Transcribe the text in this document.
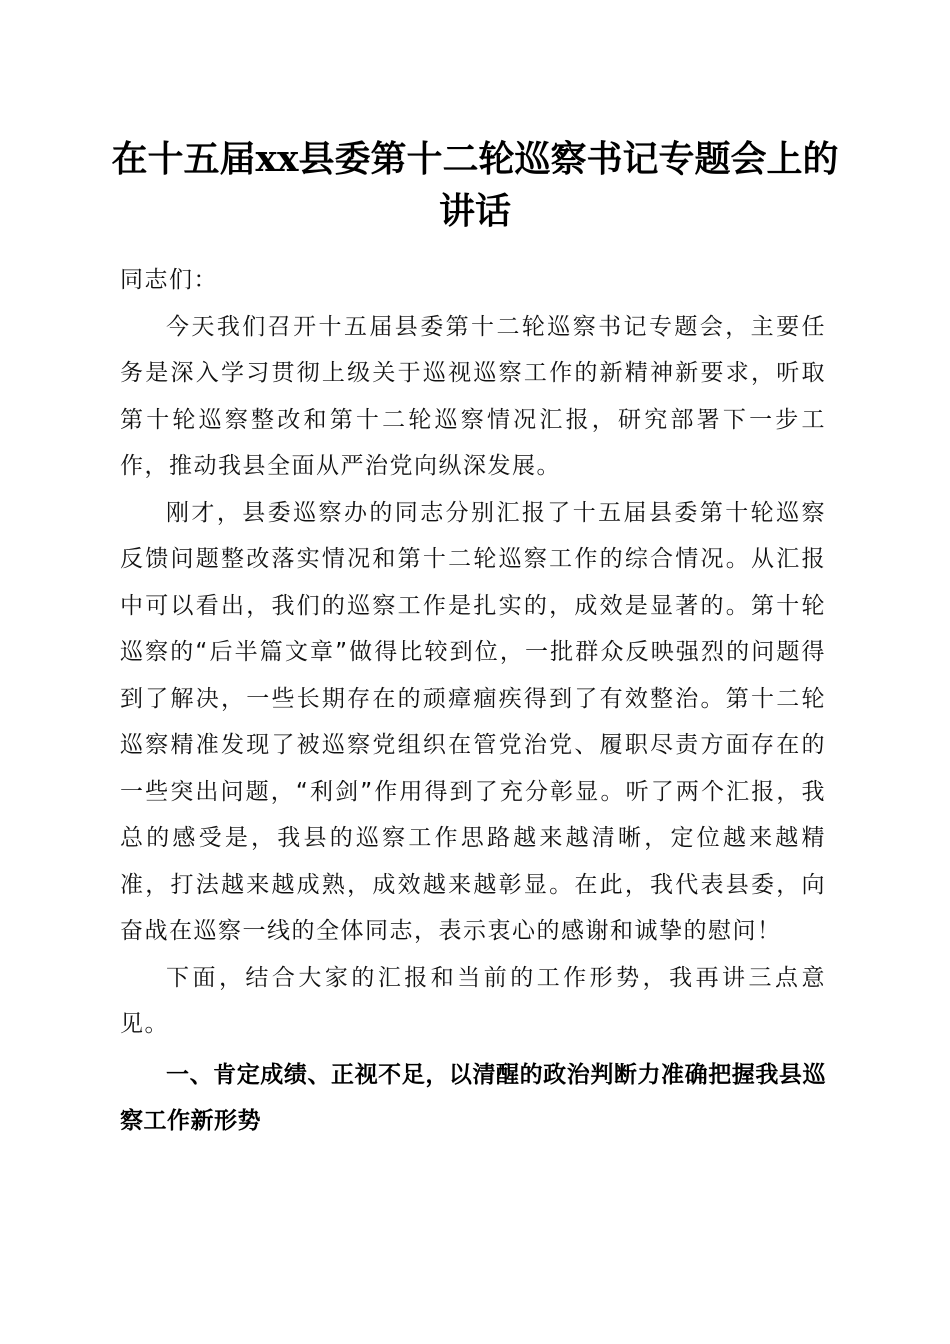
在十五届xx县委第十二轮巡察书记专题会上的讲话

同志们：

今天我们召开十五届县委第十二轮巡察书记专题会，主要任务是深入学习贯彻上级关于巡视巡察工作的新精神新要求，听取第十轮巡察整改和第十二轮巡察情况汇报，研究部署下一步工作，推动我县全面从严治党向纵深发展。

刚才，县委巡察办的同志分别汇报了十五届县委第十轮巡察反馈问题整改落实情况和第十二轮巡察工作的综合情况。从汇报中可以看出，我们的巡察工作是扎实的，成效是显著的。第十轮巡察的“后半篇文章”做得比较到位，一批群众反映强烈的问题得到了解决，一些长期存在的顽瘴痼疾得到了有效整治。第十二轮巡察精准发现了被巡察党组织在管党治党、履职尽责方面存在的一些突出问题，“利剑”作用得到了充分彰显。听了两个汇报，我总的感受是，我县的巡察工作思路越来越清晰，定位越来越精准，打法越来越成熟，成效越来越彰显。在此，我代表县委，向奋战在巡察一线的全体同志，表示衷心的感谢和诚挚的慰问！

下面，结合大家的汇报和当前的工作形势，我再讲三点意见。

一、肯定成绩、正视不足，以清醒的政治判断力准确把握我县巡察工作新形势
